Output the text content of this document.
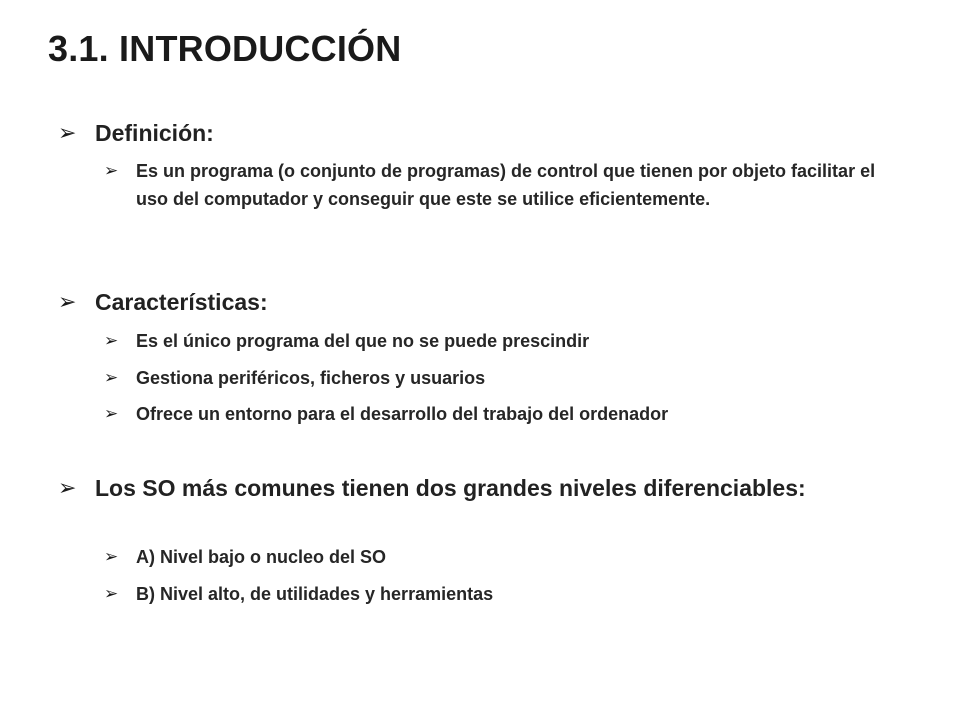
3.1. INTRODUCCIÓN
➢ Definición:
➢ Es un programa (o conjunto de programas) de control que tienen por objeto facilitar el uso del computador y conseguir que este se utilice eficientemente.
➢ Características:
➢ Es el único programa del que no se puede prescindir
➢ Gestiona periféricos, ficheros y usuarios
➢ Ofrece un entorno para el desarrollo del trabajo del ordenador
➢ Los SO más comunes tienen dos grandes niveles diferenciables:
➢ A) Nivel bajo o nucleo del SO
➢ B) Nivel alto, de utilidades y herramientas
